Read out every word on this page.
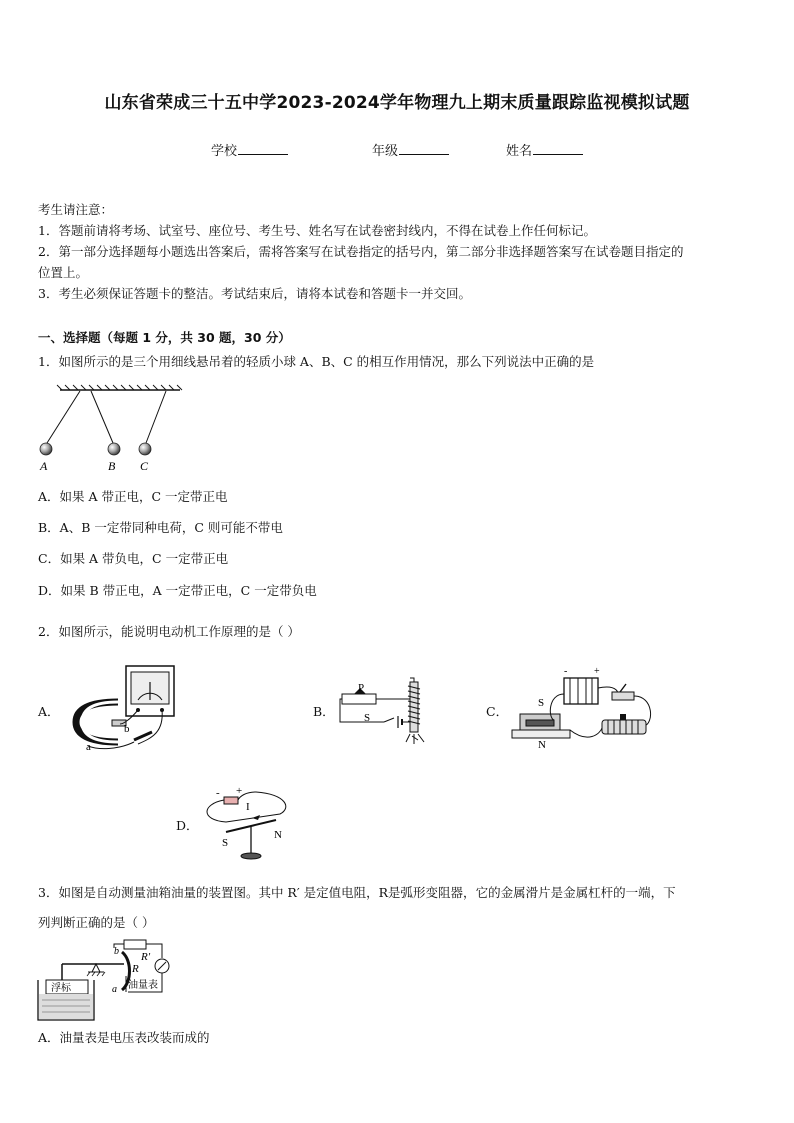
山东省荣成三十五中学2023-2024学年物理九上期末质量跟踪监视模拟试题
学校	年级	姓名
考生请注意：
1．答题前请将考场、试室号、座位号、考生号、姓名写在试卷密封线内，不得在试卷上作任何标记。
2．第一部分选择题每小题选出答案后，需将答案写在试卷指定的括号内，第二部分非选择题答案写在试卷题目指定的
位置上。
3．考生必须保证答题卡的整洁。考试结束后，请将本试卷和答题卡一并交回。
一、选择题（每题 1 分，共 30 题，30 分）
1．如图所示的是三个用细线悬吊着的轻质小球 A、B、C 的相互作用情况，那么下列说法中正确的是
A	B C
A．如果 A 带正电，C 一定带正电
B．A、B 一定带同种电荷，C 则可能不带电
C．如果 A 带负电，C 一定带正电
D．如果 B 带正电，A 一定带正电，C 一定带负电
2．如图所示，能说明电动机工作原理的是（ ）
A．
b
a
B．
P
S	C．
-	+
S
N
D．
- +
I
S
N
3．如图是自动测量油箱油量的装置图。其中 R′ 是定值电阻，R是弧形变阻器，它的金属滑片是金属杠杆的一端，下
列判断正确的是（ ）
R′
b
R
a
浮标	油量表
A．油量表是电压表改装而成的
